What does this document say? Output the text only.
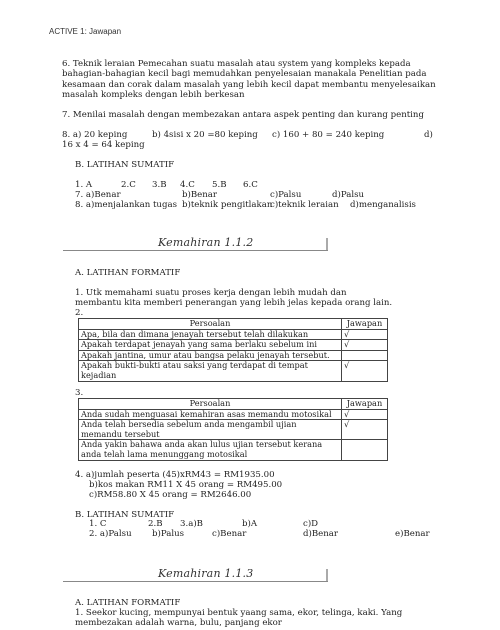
ACTIVE 1: Jawapan
6. Teknik leraian Pemecahan suatu masalah atau system yang kompleks kepada bahagian-bahagian kecil bagi memudahkan penyelesaian manakala Penelitian pada kesamaan dan corak dalam masalah yang lebih kecil dapat membantu menyelesaikan masalah kompleks dengan lebih berkesan
7. Menilai masalah dengan membezakan antara aspek penting dan kurang penting
8. a) 20 keping	b) 4sisi x 20 =80 keping c) 160 + 80 = 240 keping	d)
16 x 4 = 64 keping
B. LATIHAN SUMATIF
1. A	2.C 3.B 4.C 5.B 6.C
7. a)Benar	b)Benar	c)Palsu	d)Palsu
8. a)menjalankan tugas b)teknik pengitlakan
c)teknik leraian d)menganalisis
Kemahiran 1.1.2
A. LATIHAN FORMATIF
1. Utk memahami suatu proses kerja dengan lebih mudah dan membantu kita memberi penerangan yang lebih jelas kepada orang lain.
2.
Persoalan	Jawapan
Apa, bila dan dimana jenayah tersebut telah dilakukan	√
Apakah terdapat jenayah yang sama berlaku sebelum ini	√
Apakah jantina, umur atau bangsa pelaku jenayah tersebut.	
Apakah bukti-bukti atau saksi yang terdapat di tempat kejadian	√
3.
Persoalan	Jawapan
Anda sudah menguasai kemahiran asas memandu motosikal	√
Anda telah bersedia sebelum anda mengambil ujian memandu tersebut	√
Anda yakin bahawa anda akan lulus ujian tersebut kerana anda telah lama menunggang motosikal	
4. a)jumlah peserta (45)xRM43 = RM1935.00
b)kos makan RM11 X 45 orang = RM495.00
c)RM58.80 X 45 orang = RM2646.00
B. LATIHAN SUMATIF
1. C	2.B 3.a)B	b)A	c)D
2. a)Palsu b)Palus	c)Benar	d)Benar	e)Benar
Kemahiran 1.1.3
A. LATIHAN FORMATIF
1. Seekor kucing, mempunyai bentuk yaang sama, ekor, telinga, kaki. Yang membezakan adalah warna, bulu, panjang ekor
